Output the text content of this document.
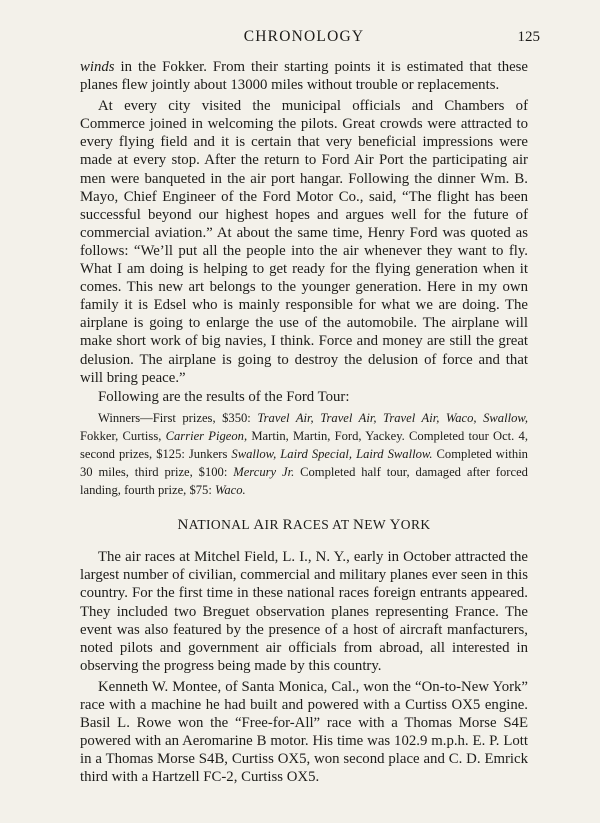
CHRONOLOGY	125

winds in the Fokker. From their starting points it is estimated that these planes flew jointly about 13000 miles without trouble or replacements.

At every city visited the municipal officials and Chambers of Commerce joined in welcoming the pilots. Great crowds were attracted to every flying field and it is certain that very beneficial impressions were made at every stop. After the return to Ford Air Port the participating air men were banqueted in the air port hangar. Following the dinner Wm. B. Mayo, Chief Engineer of the Ford Motor Co., said, “The flight has been successful beyond our highest hopes and argues well for the future of commercial aviation.” At about the same time, Henry Ford was quoted as follows: “We’ll put all the people into the air whenever they want to fly. What I am doing is helping to get ready for the flying generation when it comes. This new art belongs to the younger generation. Here in my own family it is Edsel who is mainly responsible for what we are doing. The airplane is going to enlarge the use of the automobile. The airplane will make short work of big navies, I think. Force and money are still the great delusion. The airplane is going to destroy the delusion of force and that will bring peace.”

Following are the results of the Ford Tour:

Winners—First prizes, $350: Travel Air, Travel Air, Travel Air, Waco, Swallow, Fokker, Curtiss, Carrier Pigeon, Martin, Martin, Ford, Yackey. Completed tour Oct. 4, second prizes, $125: Junkers Swallow, Laird Special, Laird Swallow. Completed within 30 miles, third prize, $100: Mercury Jr. Completed half tour, damaged after forced landing, fourth prize, $75: Waco.

NATIONAL AIR RACES AT NEW YORK

The air races at Mitchel Field, L. I., N. Y., early in October attracted the largest number of civilian, commercial and military planes ever seen in this country. For the first time in these national races foreign entrants appeared. They included two Breguet observation planes representing France. The event was also featured by the presence of a host of aircraft manfacturers, noted pilots and government air officials from abroad, all interested in observing the progress being made by this country.

Kenneth W. Montee, of Santa Monica, Cal., won the “On-to-New York” race with a machine he had built and powered with a Curtiss OX5 engine. Basil L. Rowe won the “Free-for-All” race with a Thomas Morse S4E powered with an Aeromarine B motor. His time was 102.9 m.p.h. E. P. Lott in a Thomas Morse S4B, Curtiss OX5, won second place and C. D. Emrick third with a Hartzell FC-2, Curtiss OX5.
